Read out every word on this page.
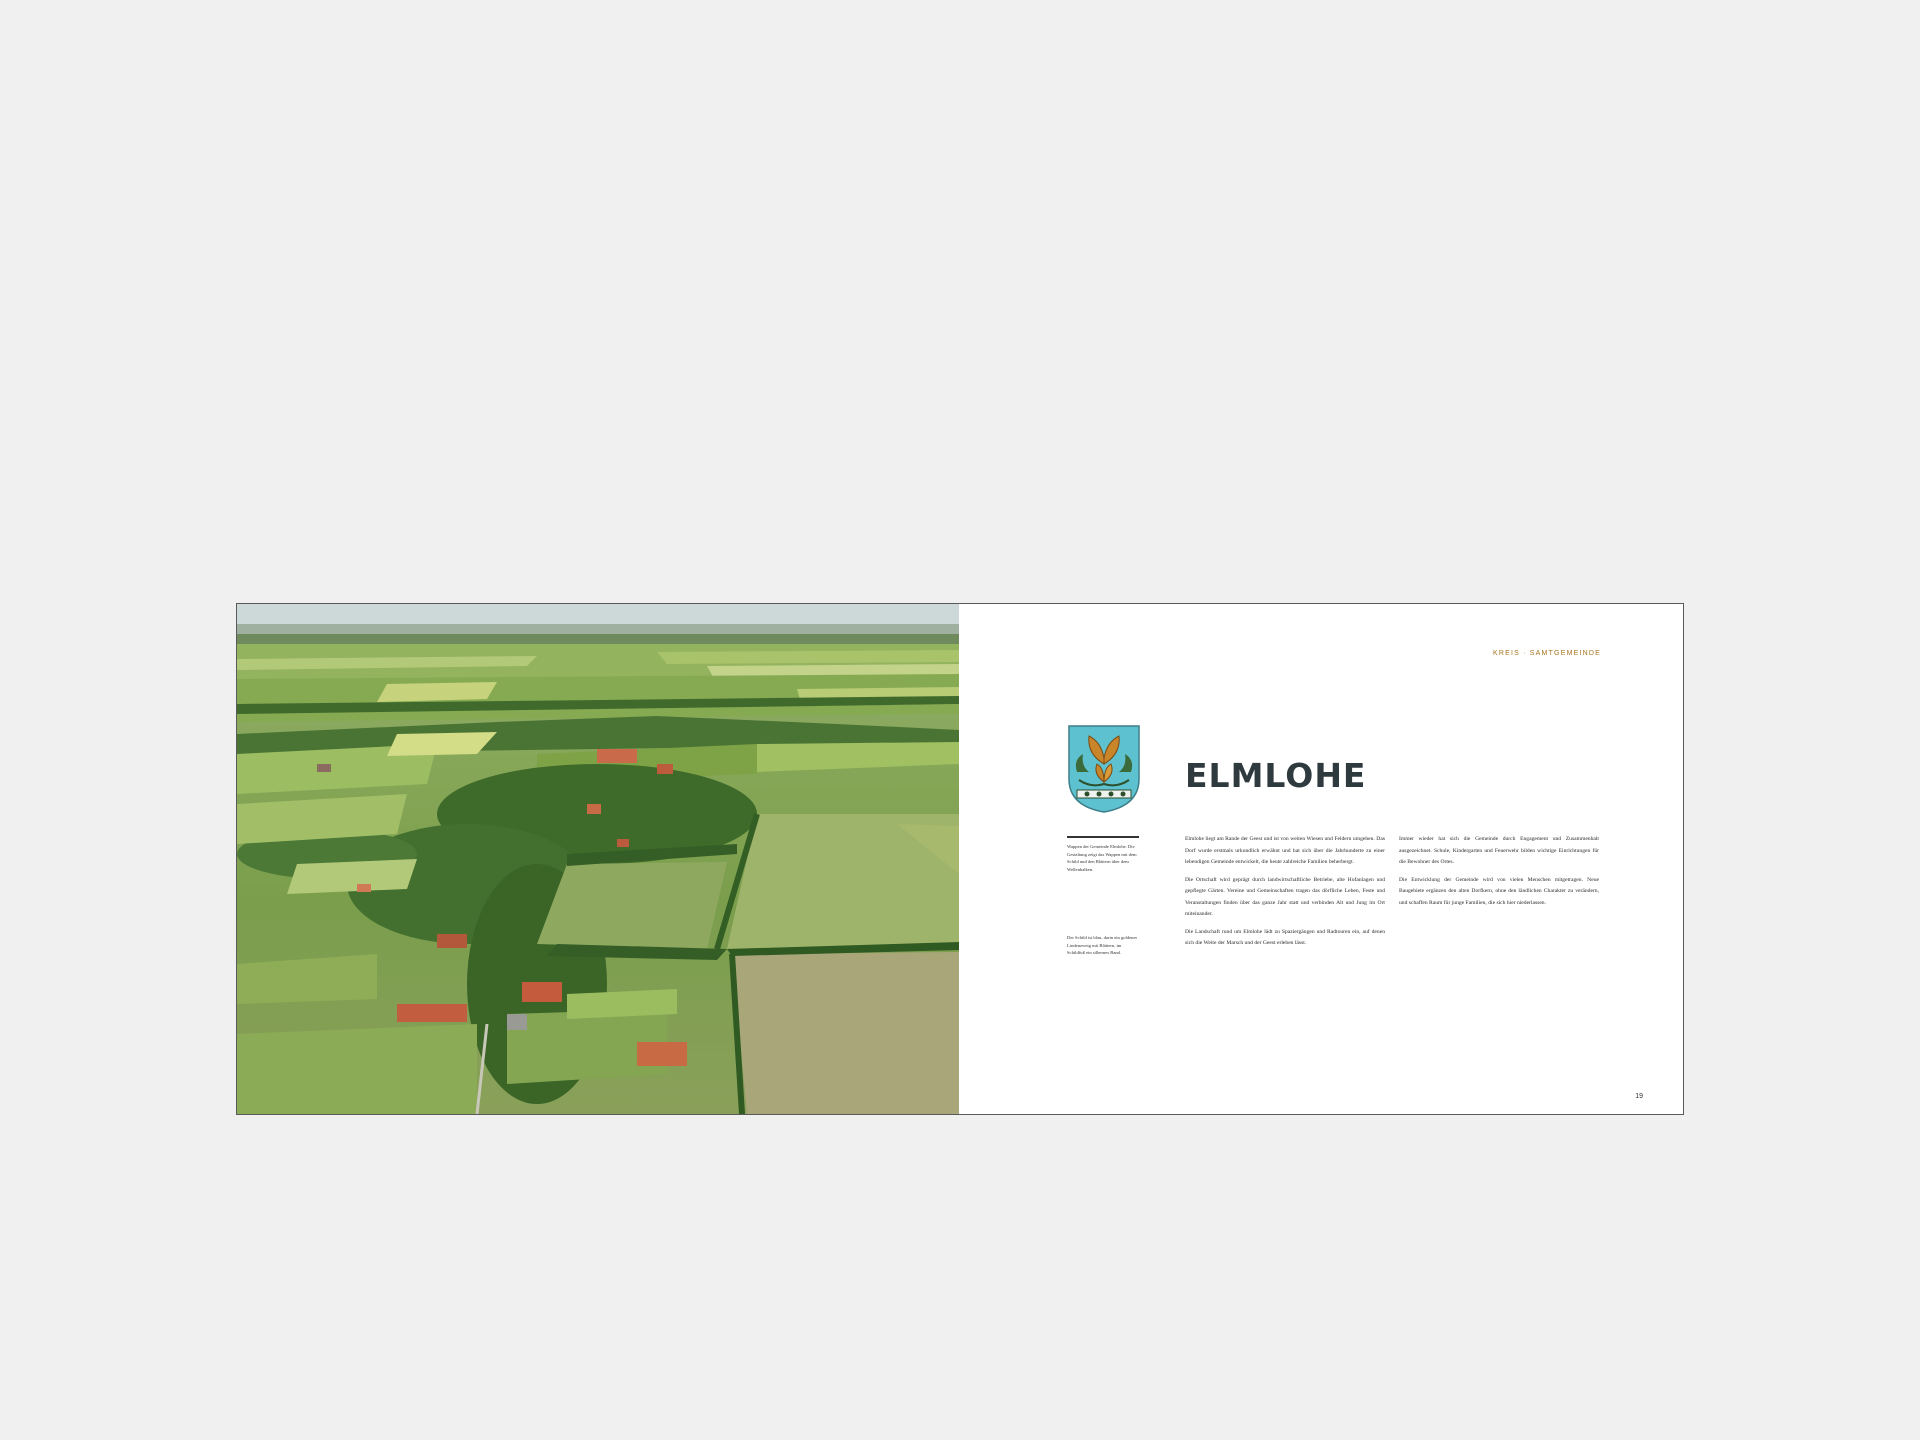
KREIS · SAMTGEMEINDE
Wappen der Gemeinde Elmlohe. Die Gestaltung zeigt das Wappen mit dem Schild und den Blättern über dem Wellenbalken.
Der Schild ist blau, darin ein goldener Lindenzweig mit Blättern, im Schildfuß ein silbernes Band.
ELMLOHE

Elmlohe liegt am Rande der Geest und ist von weiten Wiesen und Feldern umgeben. Das Dorf wurde erstmals urkundlich erwähnt und hat sich über die Jahrhunderte zu einer lebendigen Gemeinde entwickelt, die heute zahlreiche Familien beherbergt.

Die Ortschaft wird geprägt durch landwirtschaftliche Betriebe, alte Hofanlagen und gepflegte Gärten. Vereine und Gemeinschaften tragen das dörfliche Leben, Feste und Veranstaltungen finden über das ganze Jahr statt und verbinden Alt und Jung im Ort miteinander.

Die Landschaft rund um Elmlohe lädt zu Spaziergängen und Radtouren ein, auf denen sich die Weite der Marsch und der Geest erleben lässt.

Immer wieder hat sich die Gemeinde durch Engagement und Zusammenhalt ausgezeichnet. Schule, Kindergarten und Feuerwehr bilden wichtige Einrichtungen für die Bewohner des Ortes.

Die Entwicklung der Gemeinde wird von vielen Menschen mitgetragen. Neue Baugebiete ergänzen den alten Dorfkern, ohne den ländlichen Charakter zu verändern, und schaffen Raum für junge Familien, die sich hier niederlassen.

19
